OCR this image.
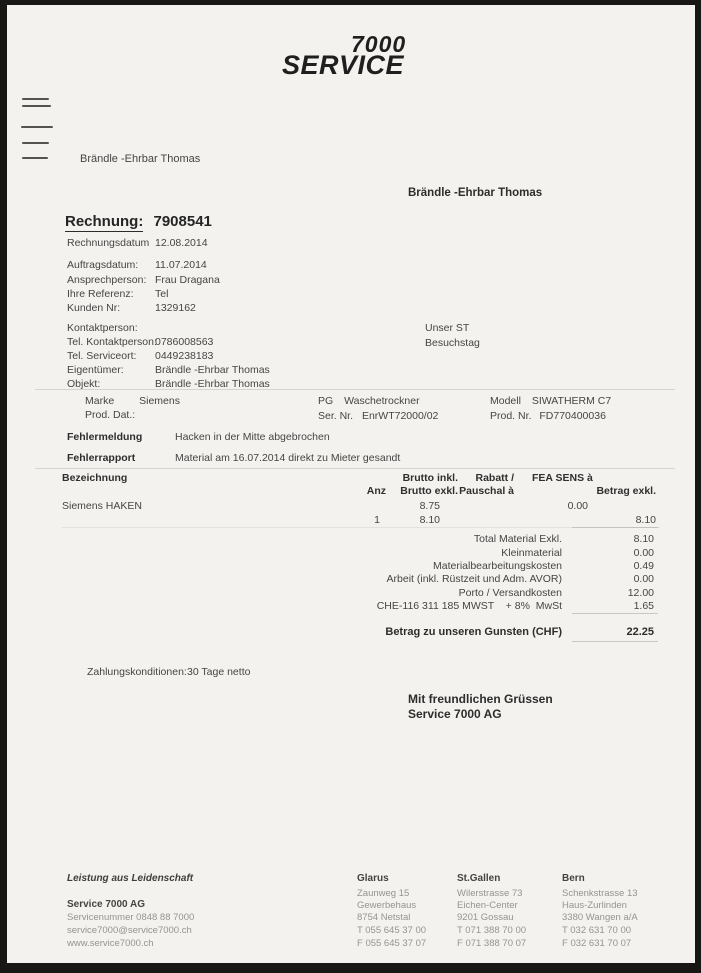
7000
SERVICE
Brändle -Ehrbar Thomas
Brändle -Ehrbar Thomas
Rechnung: 7908541
Rechnungsdatum 12.08.2014
Auftragsdatum: 11.07.2014
Ansprechperson: Frau Dragana
Ihre Referenz: Tel
Kunden Nr:	1329162
Kontaktperson:
Tel. Kontaktperson:
0786008563
Tel. Serviceort: 0449238183
Eigentümer:	Brändle -Ehrbar Thomas
Objekt:	Brändle -Ehrbar Thomas
Unser ST
Besuchstag
Marke Siemens
Prod. Dat.:
PG Waschetrockner
Ser. Nr. EnrWT72000/02
Modell SIWATHERM C7
Prod. Nr. FD770400036
Fehlermeldung	Hacken in der Mitte abgebrochen
Fehlerrapport	Material am 16.07.2014 direkt zu Mieter gesandt
Bezeichnung	Brutto inkl.	Rabatt / FEA SENS à
Anz	Brutto exkl. Pauschal à	Betrag exkl.
Siemens HAKEN	8.75	0.00
1	8.10	8.10
Total Material Exkl.	8.10
Kleinmaterial	0.00
Materialbearbeitungskosten	0.49
Arbeit (inkl. Rüstzeit und Adm. AVOR)	0.00
Porto / Versandkosten	12.00
CHE-116 311 185 MWST    + 8%  MwSt	1.65
Betrag zu unseren Gunsten (CHF)	22.25
Zahlungskonditionen: 30 Tage netto
Mit freundlichen Grüssen
Service 7000 AG
Leistung aus Leidenschaft
Service 7000 AG
Servicenummer 0848 88 7000
service7000@service7000.ch
www.service7000.ch
Glarus
Zaunweg 15
Gewerbehaus
8754 Netstal
T 055 645 37 00
F 055 645 37 07
St.Gallen
Wilerstrasse 73
Eichen-Center
9201 Gossau
T 071 388 70 00
F 071 388 70 07
Bern
Schenkstrasse 13
Haus-Zurlinden
3380 Wangen a/A
T 032 631 70 00
F 032 631 70 07
